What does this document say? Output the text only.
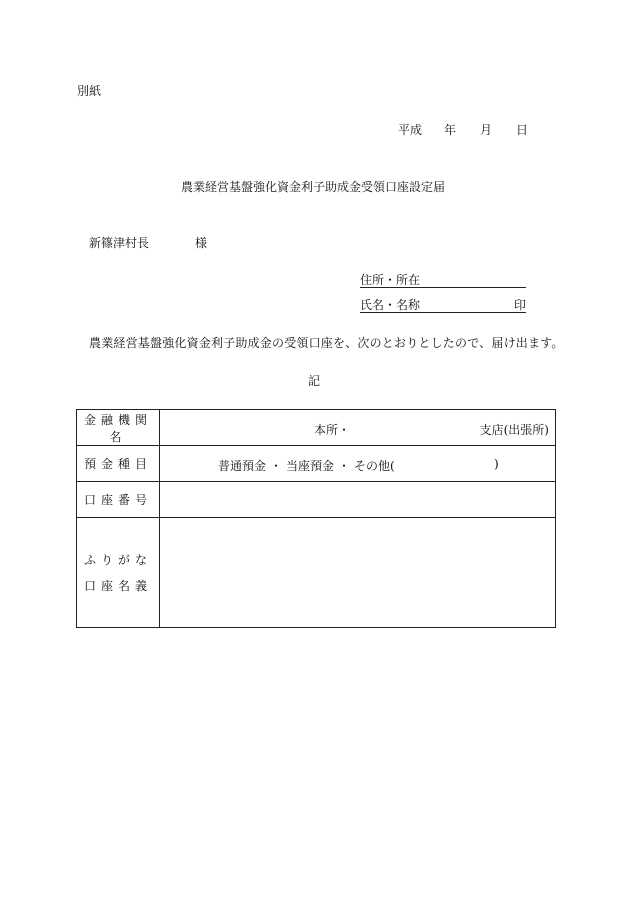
別紙
平成	年	月	日
農業経営基盤強化資金利子助成金受領口座設定届
新篠津村長	様
住所・所在
氏名・名称	印
農業経営基盤強化資金利子助成金の受領口座を、次のとおりとしたので、届け出ます。
記
金融機関名	本所・ 支店(出張所)

預金種目	普通預金 ・ 当座預金 ・ その他( )

口座番号	

ふりがな
口座名義	
